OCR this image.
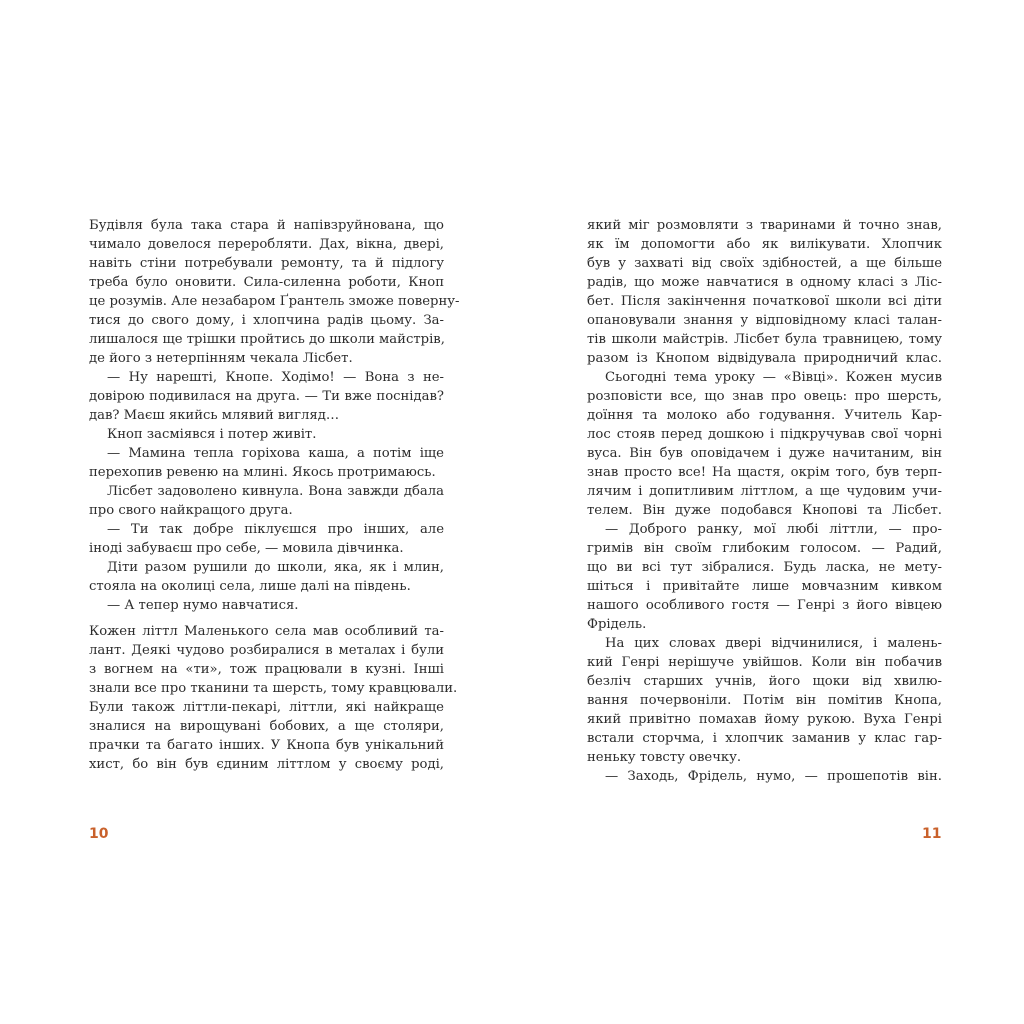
Будівля була така стара й напівзруйнована, що
чимало довелося переробляти. Дах, вікна, двері,
навіть стіни потребували ремонту, та й підлогу
треба було оновити. Сила-силенна роботи, Кноп
це розумів. Але незабаром Ґрантель зможе поверну-
тися до свого дому, і хлопчина радів цьому. За-
лишалося ще трішки пройтись до школи майстрів,
де його з нетерпінням чекала Лісбет.
— Ну нарешті, Кнопе. Ходімо! — Вона з не-
довірою подивилася на друга. — Ти вже поснідав?
дав? Маєш якийсь млявий вигляд…
Кноп засміявся і потер живіт.
— Мамина тепла горіхова каша, а потім іще
перехопив ревеню на млині. Якось протримаюсь.
Лісбет задоволено кивнула. Вона завжди дбала
про свого найкращого друга.
— Ти так добре піклуєшся про інших, але
іноді забуваєш про себе, — мовила дівчинка.
Діти разом рушили до школи, яка, як і млин,
стояла на околиці села, лише далі на південь.
— А тепер нумо навчатися.
Кожен літтл Маленького села мав особливий та-
лант. Деякі чудово розбиралися в металах і були
з вогнем на «ти», тож працювали в кузні. Інші
знали все про тканини та шерсть, тому кравцювали.
Були також літтли-пекарі, літтли, які найкраще
зналися на вирощувані бобових, а ще столяри,
прачки та багато інших. У Кнопа був унікальний
хист, бо він був єдиним літтлом у своєму роді,
10
який міг розмовляти з тваринами й точно знав,
як їм допомогти або як вилікувати. Хлопчик
був у захваті від своїх здібностей, а ще більше
радів, що може навчатися в одному класі з Ліс-
бет. Після закінчення початкової школи всі діти
опановували знання у відповідному класі талан-
тів школи майстрів. Лісбет була травницею, тому
разом із Кнопом відвідувала природничий клас.
Сьогодні тема уроку — «Вівці». Кожен мусив
розповісти все, що знав про овець: про шерсть,
доїння та молоко або годування. Учитель Кар-
лос стояв перед дошкою і підкручував свої чорні
вуса. Він був оповідачем і дуже начитаним, він
знав просто все! На щастя, окрім того, був терп-
лячим і допитливим літтлом, а ще чудовим учи-
телем. Він дуже подобався Кнопові та Лісбет.
— Доброго ранку, мої любі літтли, — про-
гримів він своїм глибоким голосом. — Радий,
що ви всі тут зібралися. Будь ласка, не мету-
шіться і привітайте лише мовчазним кивком
нашого особливого гостя — Генрі з його вівцею
Фрідель.
На цих словах двері відчинилися, і малень-
кий Генрі нерішуче увійшов. Коли він побачив
безліч старших учнів, його щоки від хвилю-
вання почервоніли. Потім він помітив Кнопа,
який привітно помахав йому рукою. Вуха Генрі
встали сторчма, і хлопчик заманив у клас гар-
неньку товсту овечку.
— Заходь, Фрідель, нумо, — прошепотів він.
11
